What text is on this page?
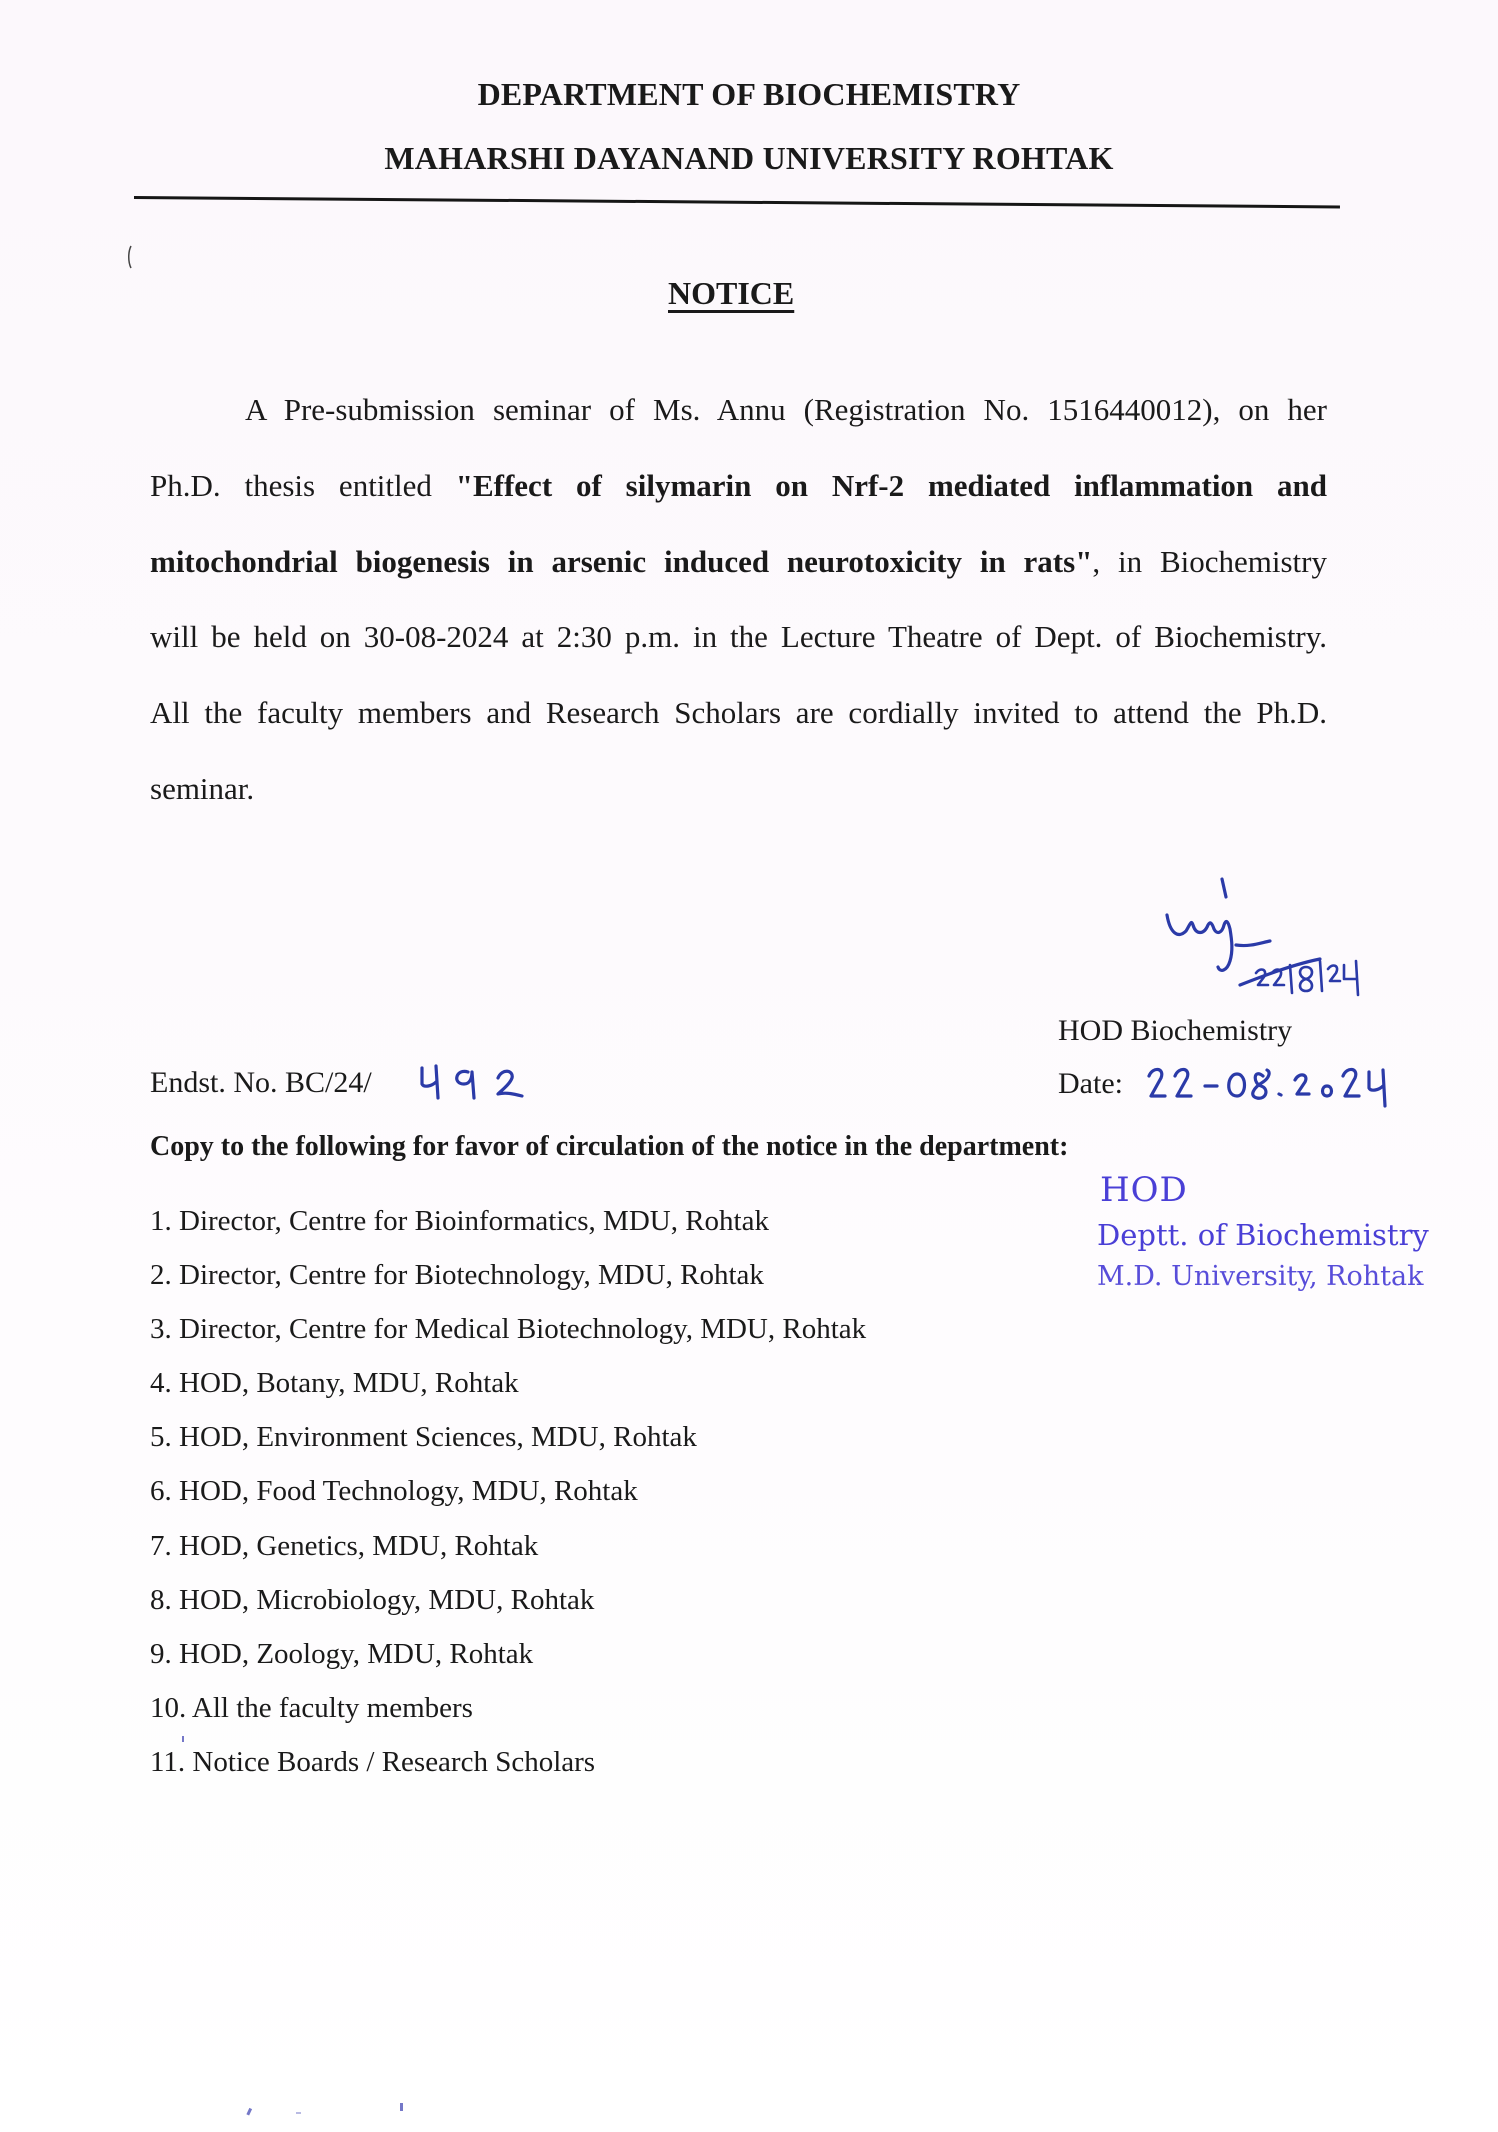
DEPARTMENT OF BIOCHEMISTRY
MAHARSHI DAYANAND UNIVERSITY ROHTAK
NOTICE
A Pre-submission seminar of Ms. Annu (Registration No. 1516440012), on her
Ph.D. thesis entitled "Effect of silymarin on Nrf-2 mediated inflammation and
mitochondrial biogenesis in arsenic induced neurotoxicity in rats", in Biochemistry
will be held on 30-08-2024 at 2:30 p.m. in the Lecture Theatre of Dept. of Biochemistry.
All the faculty members and Research Scholars are cordially invited to attend the Ph.D.
seminar.
HOD Biochemistry
Endst. No. BC/24/	Date:
Copy to the following for favor of circulation of the notice in the department:
HOD
Deptt. of Biochemistry
M.D. University, Rohtak
1. Director, Centre for Bioinformatics, MDU, Rohtak
2. Director, Centre for Biotechnology, MDU, Rohtak
3. Director, Centre for Medical Biotechnology, MDU, Rohtak
4. HOD, Botany, MDU, Rohtak
5. HOD, Environment Sciences, MDU, Rohtak
6. HOD, Food Technology, MDU, Rohtak
7. HOD, Genetics, MDU, Rohtak
8. HOD, Microbiology, MDU, Rohtak
9. HOD, Zoology, MDU, Rohtak
10. All the faculty members
11. Notice Boards / Research Scholars
